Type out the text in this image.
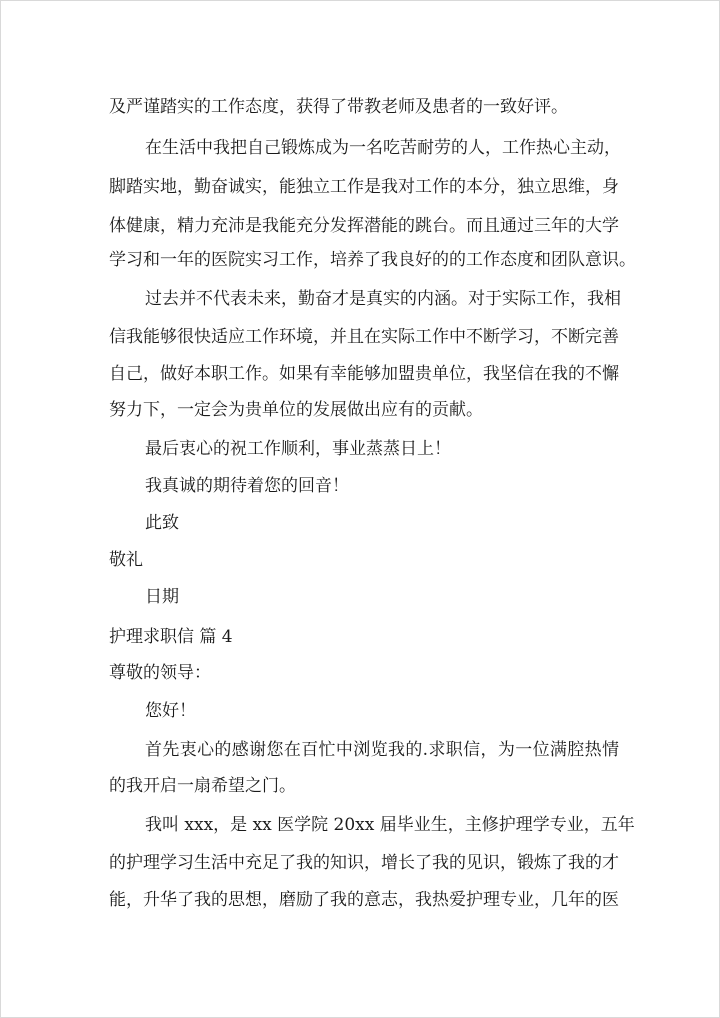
及严谨踏实的工作态度，获得了带教老师及患者的一致好评。
在生活中我把自己锻炼成为一名吃苦耐劳的人，工作热心主动，
脚踏实地，勤奋诚实，能独立工作是我对工作的本分，独立思维，身
体健康，精力充沛是我能充分发挥潜能的跳台。而且通过三年的大学
学习和一年的医院实习工作，培养了我良好的的工作态度和团队意识。
过去并不代表未来，勤奋才是真实的内涵。对于实际工作，我相
信我能够很快适应工作环境，并且在实际工作中不断学习，不断完善
自己，做好本职工作。如果有幸能够加盟贵单位，我坚信在我的不懈
努力下，一定会为贵单位的发展做出应有的贡献。
最后衷心的祝工作顺利，事业蒸蒸日上！
我真诚的期待着您的回音！
此致
敬礼
日期
护理求职信 篇 4
尊敬的领导：
您好！
首先衷心的感谢您在百忙中浏览我的.求职信，为一位满腔热情
的我开启一扇希望之门。
我叫 xxx，是 xx 医学院 20xx 届毕业生，主修护理学专业，五年
的护理学习生活中充足了我的知识，增长了我的见识，锻炼了我的才
能，升华了我的思想，磨励了我的意志，我热爱护理专业，几年的医
